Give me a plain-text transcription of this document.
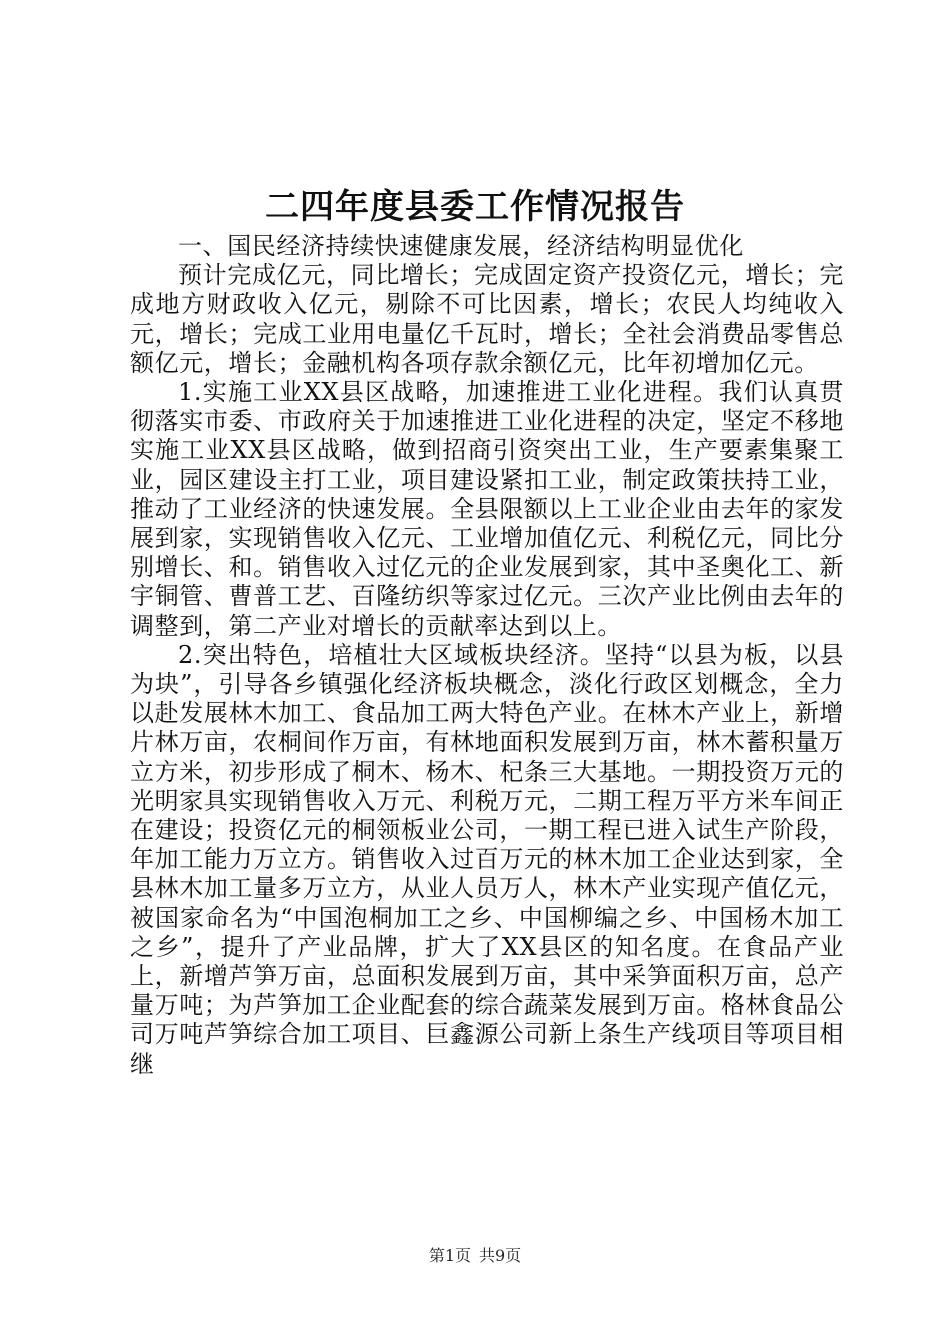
二四年度县委工作情况报告

一、国民经济持续快速健康发展，经济结构明显优化

预计完成亿元，同比增长；完成固定资产投资亿元，增长；完成地方财政收入亿元，剔除不可比因素，增长；农民人均纯收入元，增长；完成工业用电量亿千瓦时，增长；全社会消费品零售总额亿元，增长；金融机构各项存款余额亿元，比年初增加亿元。

1.实施工业XX县区战略，加速推进工业化进程。我们认真贯彻落实市委、市政府关于加速推进工业化进程的决定，坚定不移地实施工业XX县区战略，做到招商引资突出工业，生产要素集聚工业，园区建设主打工业，项目建设紧扣工业，制定政策扶持工业，推动了工业经济的快速发展。全县限额以上工业企业由去年的家发展到家，实现销售收入亿元、工业增加值亿元、利税亿元，同比分别增长、和。销售收入过亿元的企业发展到家，其中圣奥化工、新宇铜管、曹普工艺、百隆纺织等家过亿元。三次产业比例由去年的调整到，第二产业对增长的贡献率达到以上。

2.突出特色，培植壮大区域板块经济。坚持“以县为板，以县为块”，引导各乡镇强化经济板块概念，淡化行政区划概念，全力以赴发展林木加工、食品加工两大特色产业。在林木产业上，新增片林万亩，农桐间作万亩，有林地面积发展到万亩，林木蓄积量万立方米，初步形成了桐木、杨木、杞条三大基地。一期投资万元的光明家具实现销售收入万元、利税万元，二期工程万平方米车间正在建设；投资亿元的桐领板业公司，一期工程已进入试生产阶段，年加工能力万立方。销售收入过百万元的林木加工企业达到家，全县林木加工量多万立方，从业人员万人，林木产业实现产值亿元，被国家命名为“中国泡桐加工之乡、中国柳编之乡、中国杨木加工之乡”，提升了产业品牌，扩大了XX县区的知名度。在食品产业上，新增芦笋万亩，总面积发展到万亩，其中采笋面积万亩，总产量万吨；为芦笋加工企业配套的综合蔬菜发展到万亩。格林食品公司万吨芦笋综合加工项目、巨鑫源公司新上条生产线项目等项目相继

第1页 共9页
